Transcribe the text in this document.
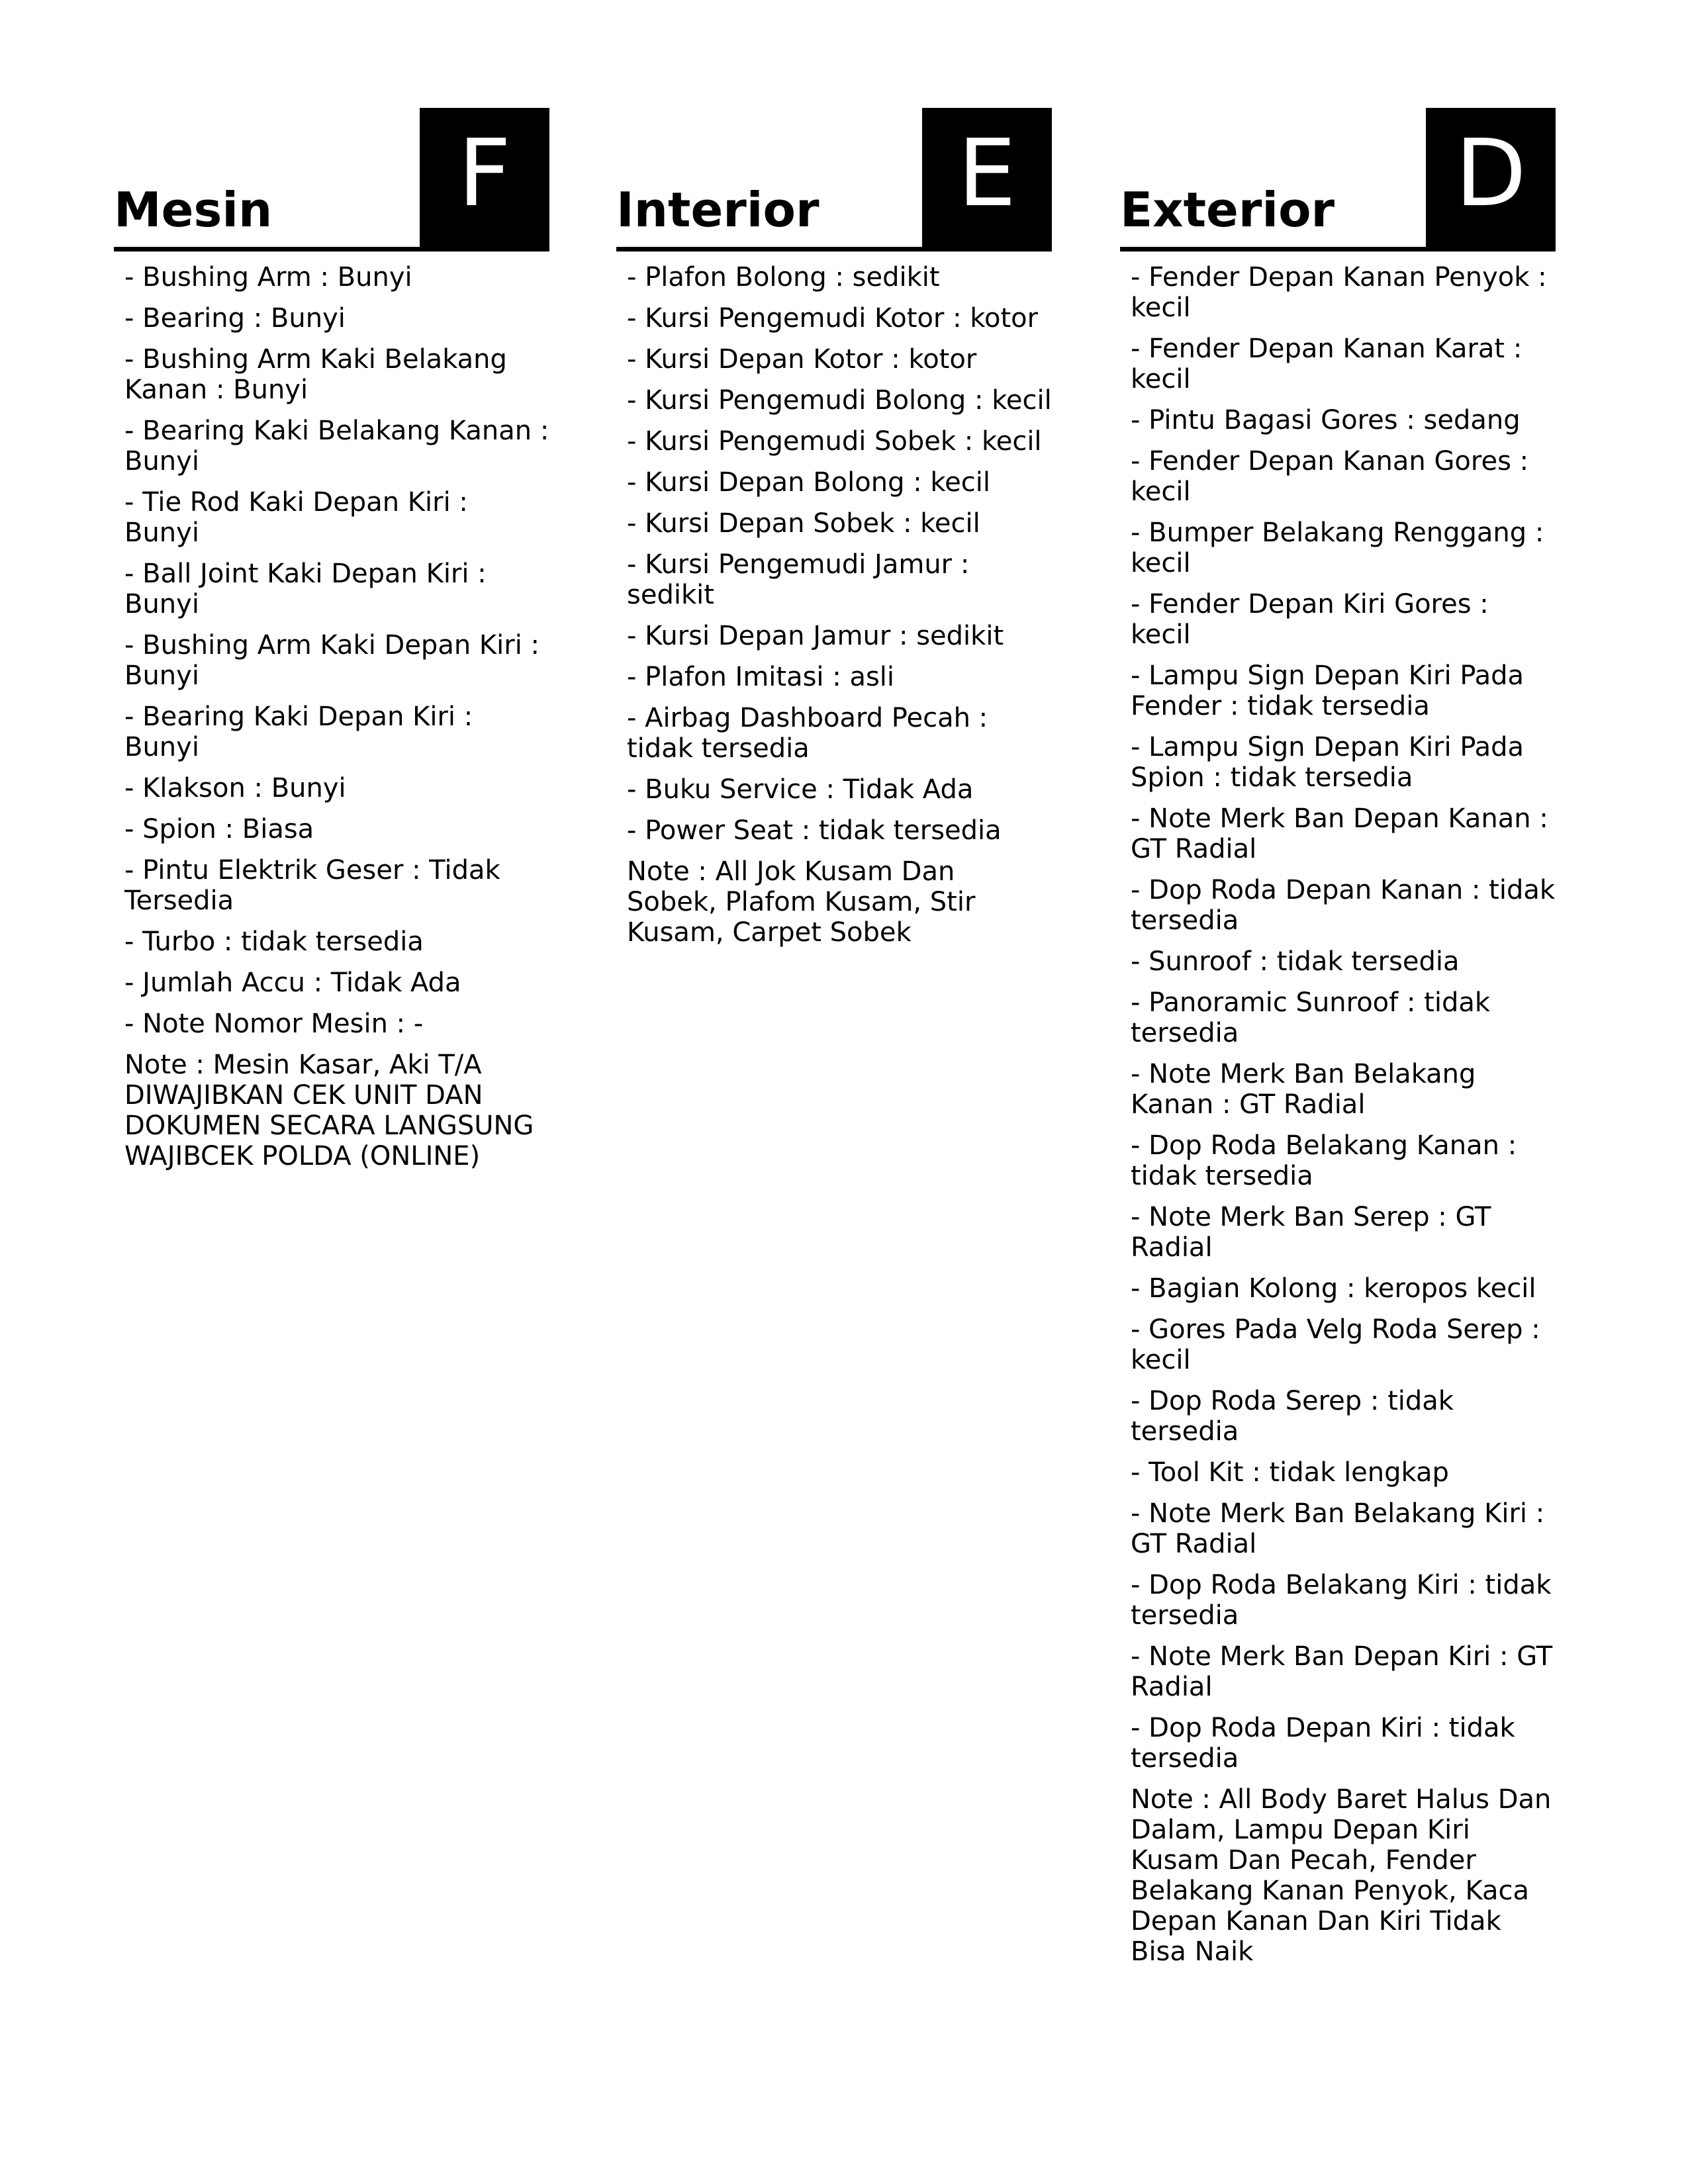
Mesin	F
- Bushing Arm : Bunyi
- Bearing : Bunyi
- Bushing Arm Kaki Belakang Kanan : Bunyi
- Bearing Kaki Belakang Kanan : Bunyi
- Tie Rod Kaki Depan Kiri : Bunyi
- Ball Joint Kaki Depan Kiri : Bunyi
- Bushing Arm Kaki Depan Kiri : Bunyi
- Bearing Kaki Depan Kiri : Bunyi
- Klakson : Bunyi
- Spion : Biasa
- Pintu Elektrik Geser : Tidak Tersedia
- Turbo : tidak tersedia
- Jumlah Accu : Tidak Ada
- Note Nomor Mesin : -

Note : Mesin Kasar, Aki T/A
DIWAJIBKAN CEK UNIT DAN DOKUMEN SECARA LANGSUNG
WAJIBCEK POLDA (ONLINE)

Interior	E
- Plafon Bolong : sedikit
- Kursi Pengemudi Kotor : kotor
- Kursi Depan Kotor : kotor
- Kursi Pengemudi Bolong : kecil
- Kursi Pengemudi Sobek : kecil
- Kursi Depan Bolong : kecil
- Kursi Depan Sobek : kecil
- Kursi Pengemudi Jamur : sedikit
- Kursi Depan Jamur : sedikit
- Plafon Imitasi : asli
- Airbag Dashboard Pecah : tidak tersedia
- Buku Service : Tidak Ada
- Power Seat : tidak tersedia

Note : All Jok Kusam Dan Sobek, Plafom Kusam, Stir Kusam, Carpet Sobek

Exterior	D
- Fender Depan Kanan Penyok : kecil
- Fender Depan Kanan Karat : kecil
- Pintu Bagasi Gores : sedang
- Fender Depan Kanan Gores : kecil
- Bumper Belakang Renggang : kecil
- Fender Depan Kiri Gores : kecil
- Lampu Sign Depan Kiri Pada Fender : tidak tersedia
- Lampu Sign Depan Kiri Pada Spion : tidak tersedia
- Note Merk Ban Depan Kanan : GT Radial
- Dop Roda Depan Kanan : tidak tersedia
- Sunroof : tidak tersedia
- Panoramic Sunroof : tidak tersedia
- Note Merk Ban Belakang Kanan : GT Radial
- Dop Roda Belakang Kanan : tidak tersedia
- Note Merk Ban Serep : GT Radial
- Bagian Kolong : keropos kecil
- Gores Pada Velg Roda Serep : kecil
- Dop Roda Serep : tidak tersedia
- Tool Kit : tidak lengkap
- Note Merk Ban Belakang Kiri : GT Radial
- Dop Roda Belakang Kiri : tidak tersedia
- Note Merk Ban Depan Kiri : GT Radial
- Dop Roda Depan Kiri : tidak tersedia

Note : All Body Baret Halus Dan Dalam, Lampu Depan Kiri Kusam Dan Pecah, Fender Belakang Kanan Penyok, Kaca Depan Kanan Dan Kiri Tidak Bisa Naik
